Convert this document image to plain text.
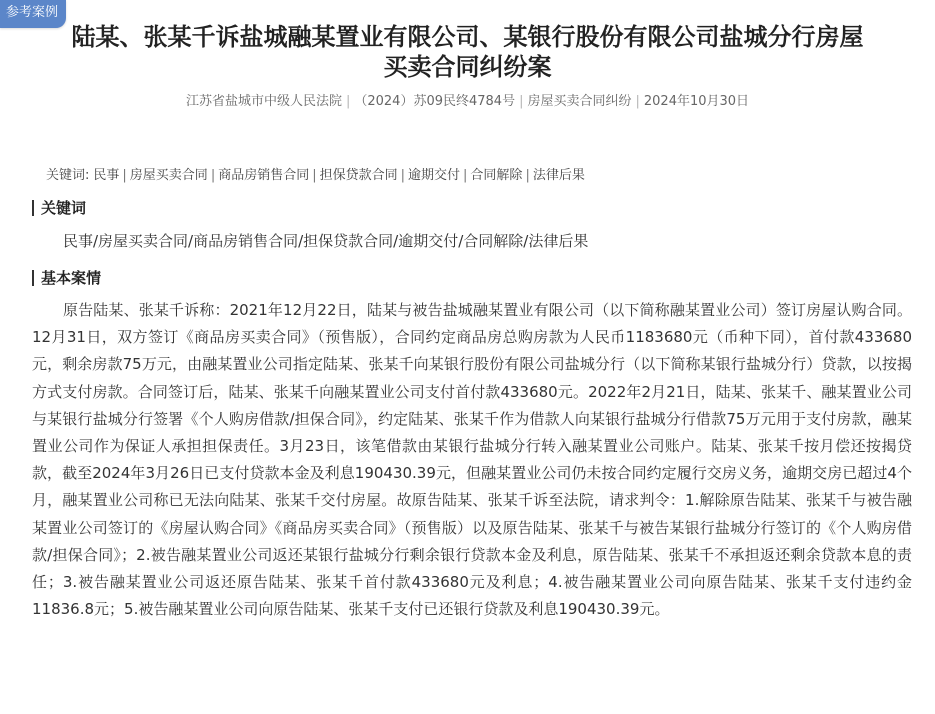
参考案例
陆某、张某千诉盐城融某置业有限公司、某银行股份有限公司盐城分行房屋买卖合同纠纷案
江苏省盐城市中级人民法院 | （2024）苏09民终4784号 | 房屋买卖合同纠纷 | 2024年10月30日
关键词: 民事 | 房屋买卖合同 | 商品房销售合同 | 担保贷款合同 | 逾期交付 | 合同解除 | 法律后果
关键词
民事/房屋买卖合同/商品房销售合同/担保贷款合同/逾期交付/合同解除/法律后果
基本案情

原告陆某、张某千诉称：2021年12月22日，陆某与被告盐城融某置业有限公司（以下简称融某置业公司）签订房屋认购合同。12月31日，双方签订《商品房买卖合同》（预售版），合同约定商品房总购房款为人民币1183680元（币种下同），首付款433680元，剩余房款75万元，由融某置业公司指定陆某、张某千向某银行股份有限公司盐城分行（以下简称某银行盐城分行）贷款，以按揭方式支付房款。合同签订后，陆某、张某千向融某置业公司支付首付款433680元。2022年2月21日，陆某、张某千、融某置业公司与某银行盐城分行签署《个人购房借款/担保合同》，约定陆某、张某千作为借款人向某银行盐城分行借款75万元用于支付房款，融某置业公司作为保证人承担担保责任。3月23日，该笔借款由某银行盐城分行转入融某置业公司账户。陆某、张某千按月偿还按揭贷款，截至2024年3月26日已支付贷款本金及利息190430.39元，但融某置业公司仍未按合同约定履行交房义务，逾期交房已超过4个月，融某置业公司称已无法向陆某、张某千交付房屋。故原告陆某、张某千诉至法院，请求判令：1.解除原告陆某、张某千与被告融某置业公司签订的《房屋认购合同》《商品房买卖合同》（预售版）以及原告陆某、张某千与被告某银行盐城分行签订的《个人购房借款/担保合同》；2.被告融某置业公司返还某银行盐城分行剩余银行贷款本金及利息，原告陆某、张某千不承担返还剩余贷款本息的责任；3.被告融某置业公司返还原告陆某、张某千首付款433680元及利息；4.被告融某置业公司向原告陆某、张某千支付违约金11836.8元；5.被告融某置业公司向原告陆某、张某千支付已还银行贷款及利息190430.39元。
